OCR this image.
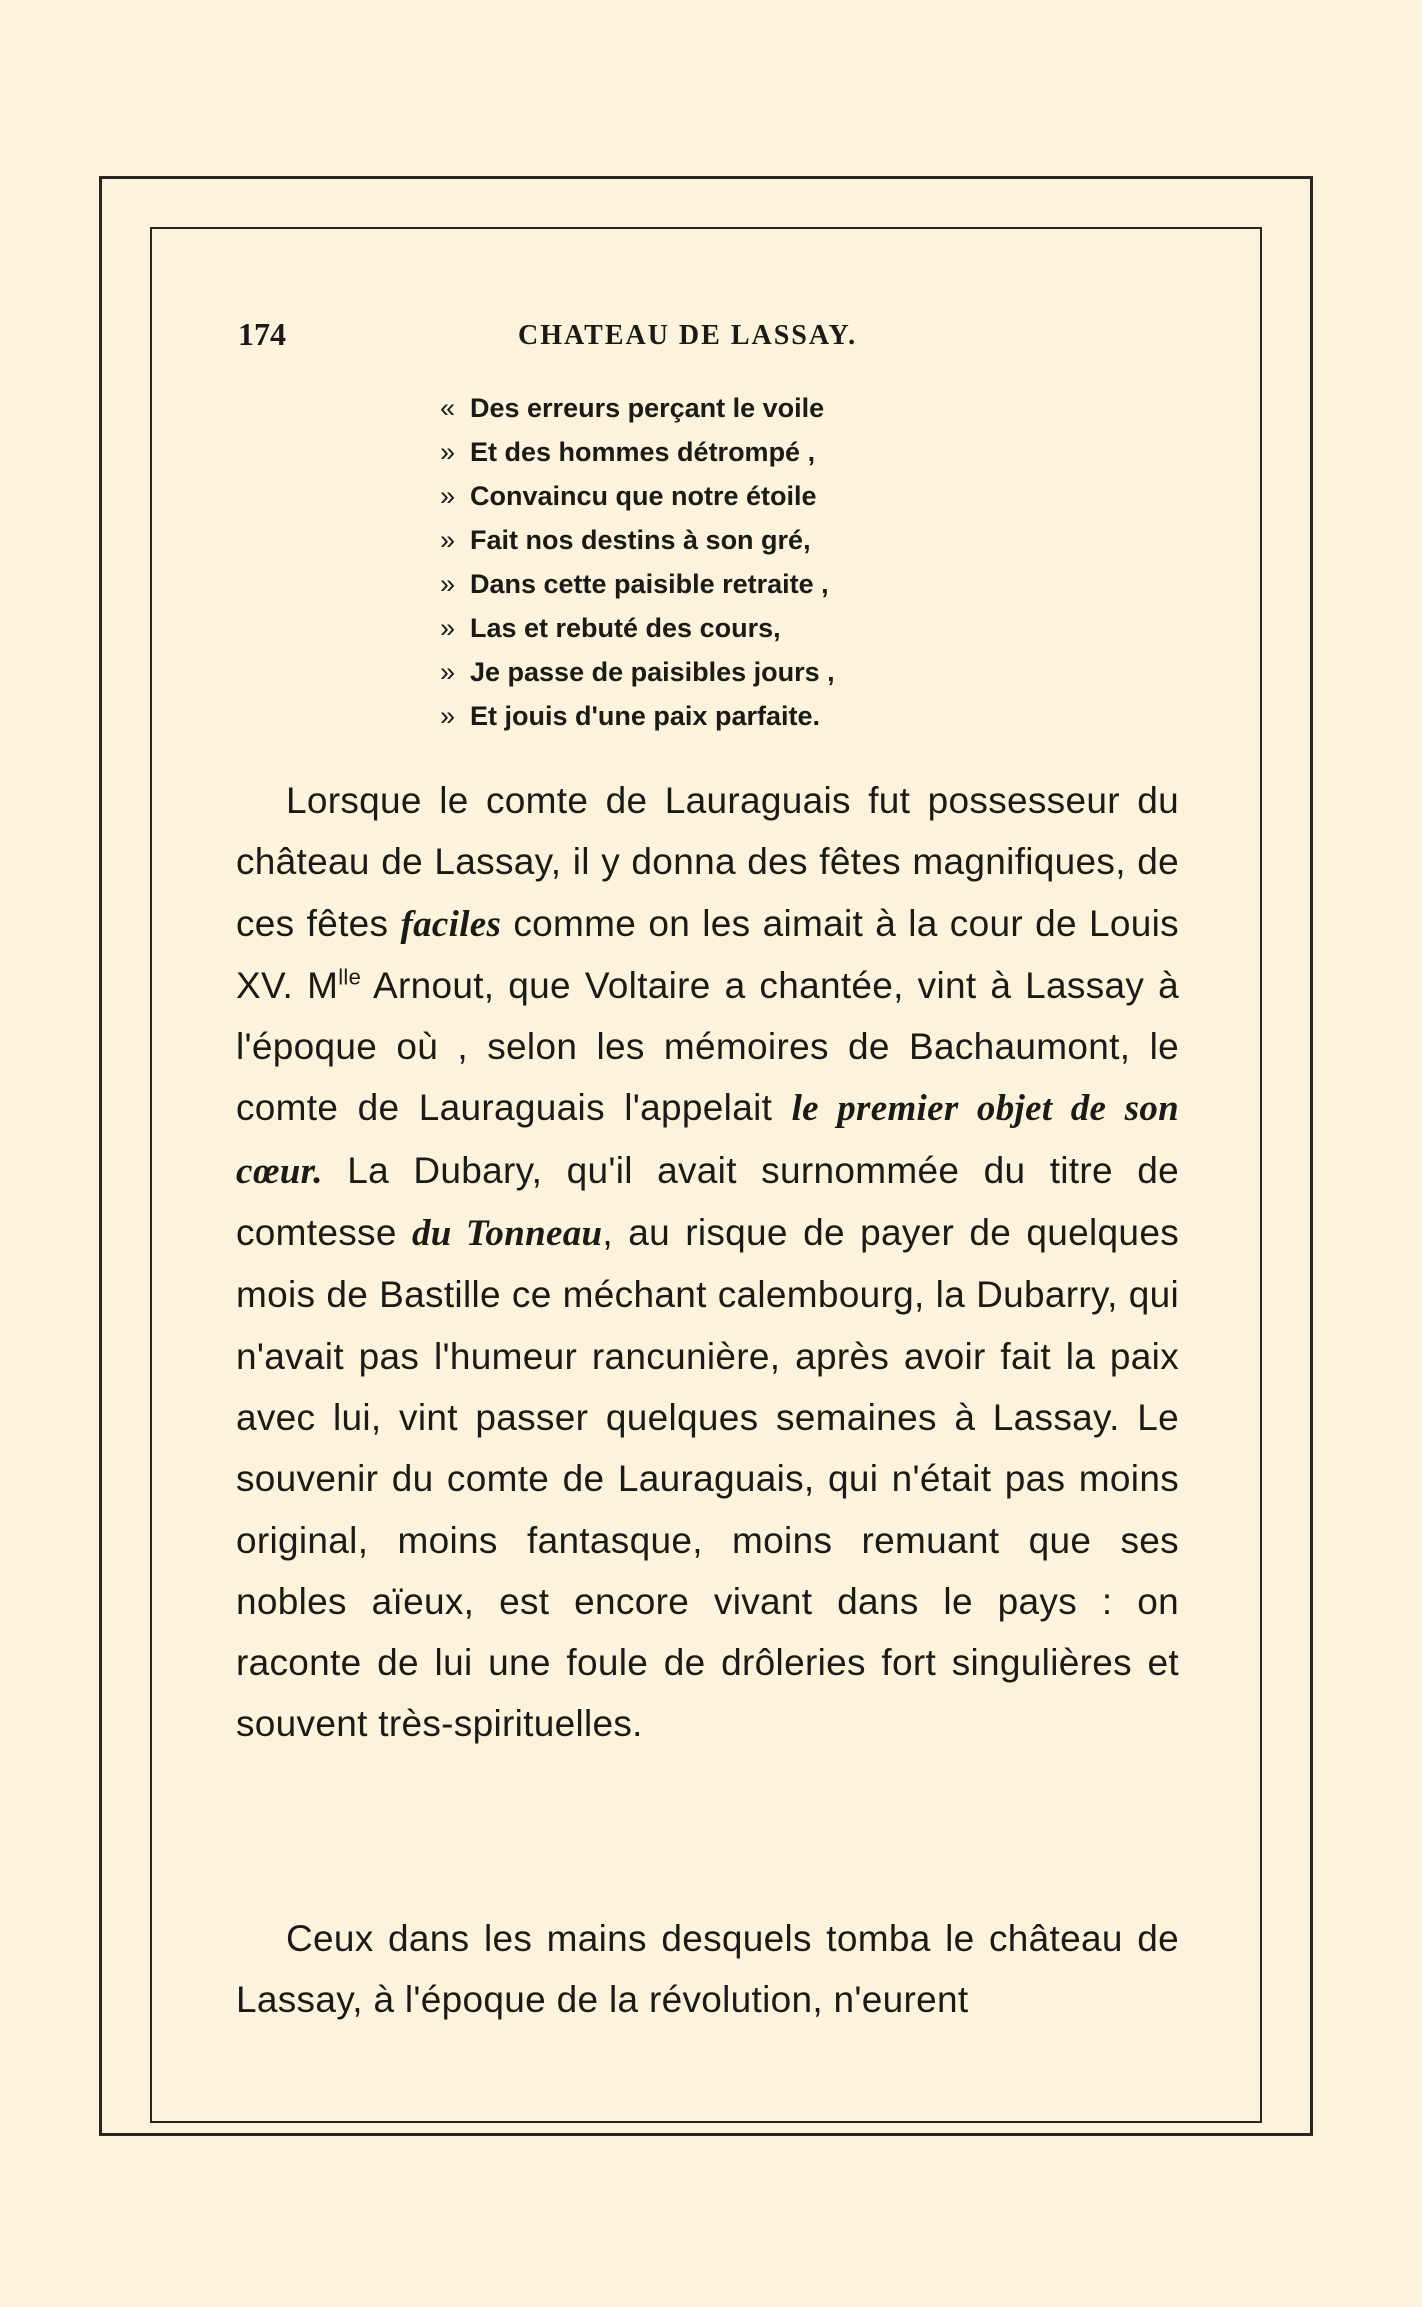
174	CHATEAU DE LASSAY.
« Des erreurs perçant le voile
» Et des hommes détrompé ,
» Convaincu que notre étoile
» Fait nos destins à son gré,
» Dans cette paisible retraite ,
» Las et rebuté des cours,
» Je passe de paisibles jours ,
» Et jouis d'une paix parfaite.

Lorsque le comte de Lauraguais fut possesseur du château de Lassay, il y donna des fêtes magnifiques, de ces fêtes faciles comme on les aimait à la cour de Louis XV. $M^{lle}$ Arnout, que Voltaire a chantée, vint à Lassay à l'époque où , selon les mémoires de Bachaumont, le comte de Lauraguais l'appelait le premier objet de son cœur. La Dubary, qu'il avait surnommée du titre de comtesse du Tonneau, au risque de payer de quelques mois de Bastille ce méchant calembourg, la Dubarry, qui n'avait pas l'humeur rancunière, après avoir fait la paix avec lui, vint passer quelques semaines à Lassay. Le souvenir du comte de Lauraguais, qui n'était pas moins original, moins fantasque, moins remuant que ses nobles aïeux, est encore vivant dans le pays : on raconte de lui une foule de drôleries fort singulières et souvent très-spirituelles.

Ceux dans les mains desquels tomba le château de Lassay, à l'époque de la révolution, n'eurent
